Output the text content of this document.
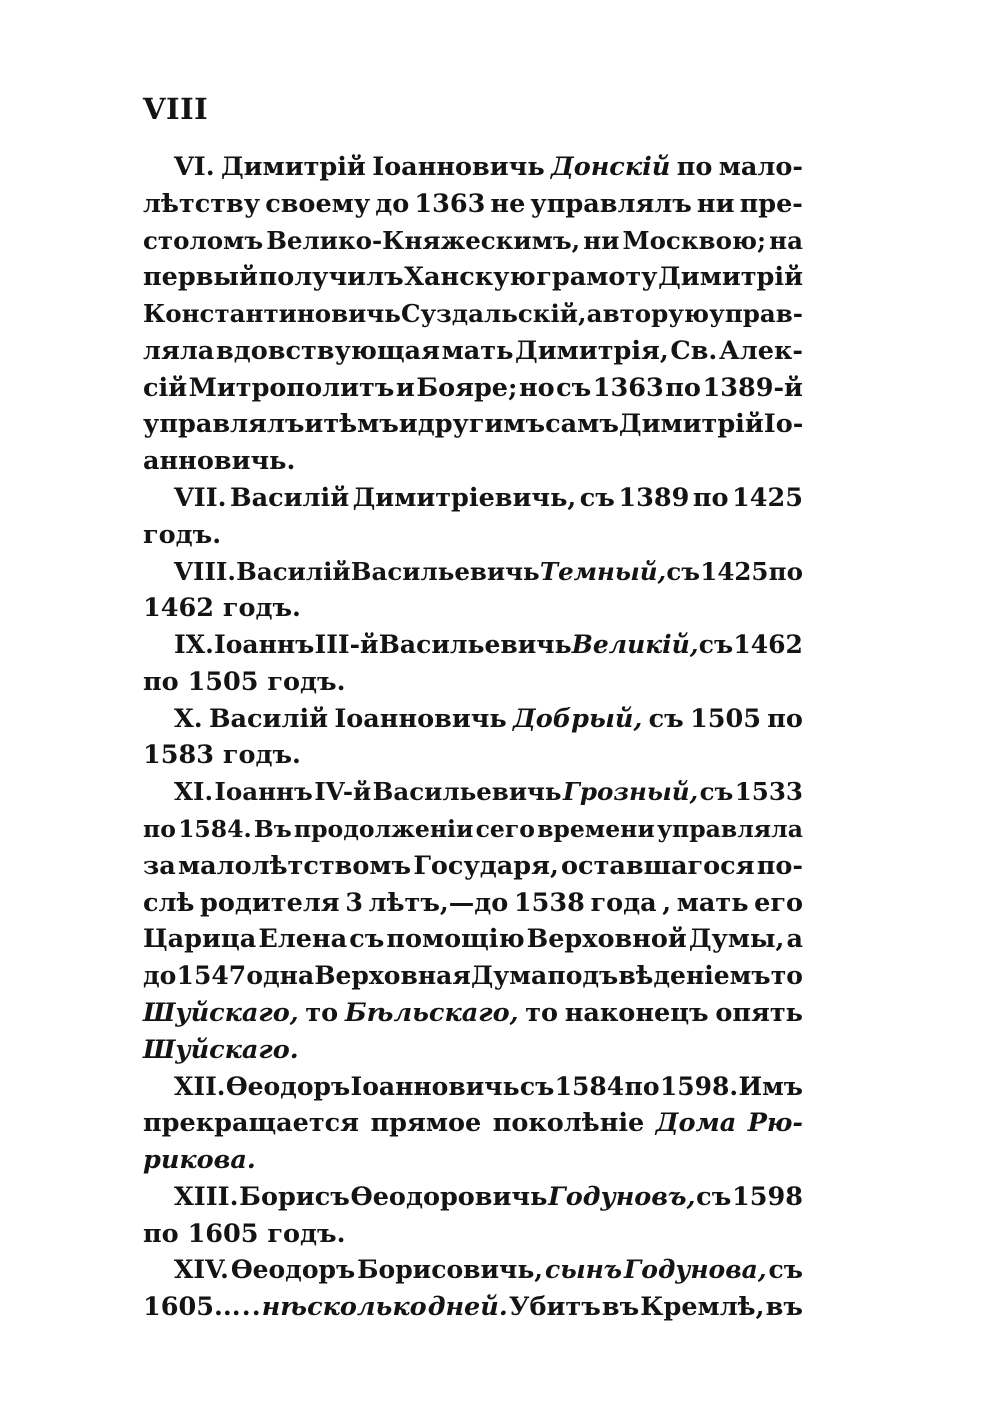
VIII
VI. Димитрій Іоанновичь Донскій по мало-
лѣтству своему до 1363 не управлялъ ни пре-
столомъ Велико-Княжескимъ, ни Москвою; на
первый получилъ Ханскую грамоту Димитрій
Константиновичь Суздальскій, а вторую управ-
ляла вдовствующая мать Димитрія, Св. Алек-
сій Митрополитъ и Бояре; но съ 1363 по 1389-й
управлялъ и тѣмъ и другимъ самъ Димитрій Іо-
анновичь.
VII. Василій Димитріевичь, съ 1389 по 1425
годъ.
VIII. Василій Васильевичь Темный, съ 1425 по
1462 годъ.
IX. Іоаннъ III-й Васильевичь Великій, съ 1462
по 1505 годъ.
X. Василій Іоанновичь Добрый, съ 1505 по
1583 годъ.
XI. Іоаннъ IV-й Васильевичь Грозный, съ 1533
по 1584. Въ продолженіи сего времени управляла
за малолѣтствомъ Государя, оставшагося по-
слѣ родителя 3 лѣтъ,—до 1538 года , мать его
Царица Елена съ помощію Верховной Думы, а
до 1547 одна Верховная Дума подъ вѣденіемъ то
Шуйскаго, то Бѣльскаго, то наконецъ опять
Шуйскаго.
XII. Ѳеодоръ Іоанновичь съ 1584 по 1598. Имъ
прекращается прямое поколѣніе Дома Рю-
рикова.
XIII. Борисъ Ѳеодоровичь Годуновъ, съ 1598
по 1605 годъ.
XIV. Ѳеодоръ Борисовичь, сынъ Годунова, съ
1605... . . нѣсколько дней. Убитъ въ Кремлѣ, въ
